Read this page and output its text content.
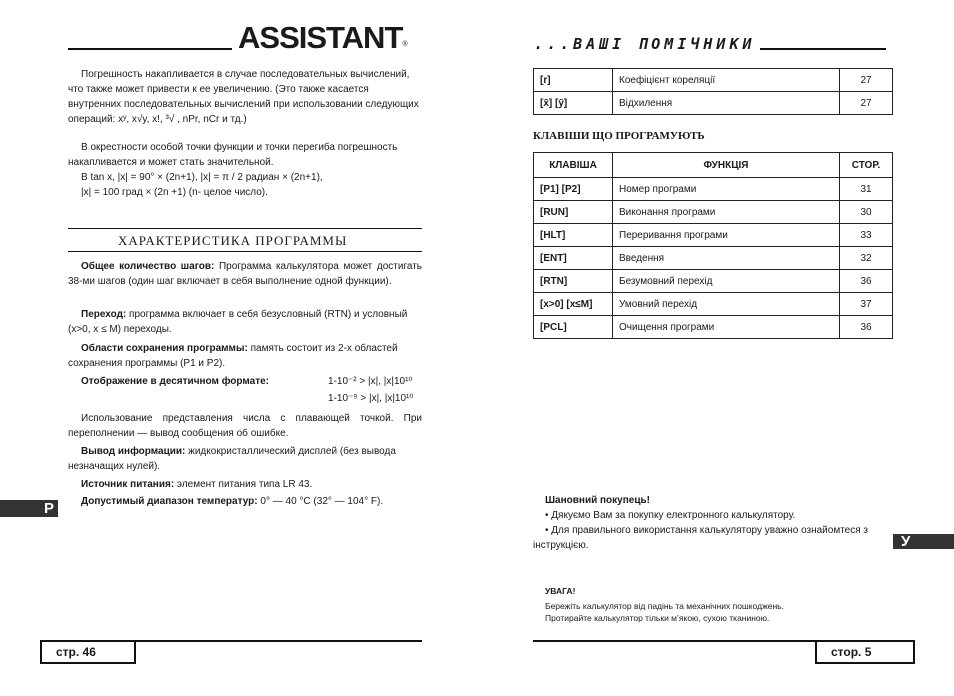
ASSISTANT®	...ВАШІ ПОМІЧНИКИ
Погрешность накапливается в случае последовательных вычислений, что также может привести к ее увеличению. (Это также касается внутренних последовательных вычислений при использовании следующих операций: xʸ, x√y, x!, ³√ , nPr, nCr и тд.)
В окрестности особой точки функции и точки перегиба погрешность накапливается и может стать значительной.
В tan x, |x| = 90° × (2n+1), |x| = π / 2 радиан × (2n+1),
|x| = 100 град × (2n +1) (n- целое число).
ХАРАКТЕРИСТИКА ПРОГРАММЫ
Общее количество шагов: Программа калькулятора может достигать 38-ми шагов (один шаг включает в себя выполнение одной функции).
Переход: программа включает в себя безусловный (RTN) и условный (x>0, x ≤ M) переходы.
Области сохранения программы: память состоит из 2-х областей сохранения программы (P1 и P2).
Отображение в десятичном формате:	1-10⁻² > |x|, |x|10¹⁰
1-10⁻⁹ > |x|, |x|10¹⁰
Использование представления числа с плавающей точкой. При переполнении — вывод сообщения об ошибке.
Вывод информации: жидкокристаллический дисплей (без вывода незначащих нулей).
Источник питания: элемент питания типа LR 43.
Допустимый диапазон температур: 0° — 40 °C (32° — 104° F).
Р
стр. 46
[r]	Коефіцієнт кореляції	27
[x̄] [ȳ]	Відхилення	27
КЛАВІШИ ЩО ПРОГРАМУЮТЬ
КЛАВІША	ФУНКЦІЯ	СТОР.
[P1] [P2]	Номер програми	31
[RUN]	Виконання програми	30
[HLT]	Переривання програми	33
[ENT]	Введення	32
[RTN]	Безумовний перехід	36
[x>0] [x≤M]	Умовний перехід	37
[PCL]	Очищення програми	36
Шановний покупець!
• Дякуємо Вам за покупку електронного калькулятору.
• Для правильного використання калькулятору уважно ознайомтеся з інструкцією.	У
УВАГА!
Бережіть калькулятор від падінь та механічних пошкоджень.
Протирайте калькулятор тільки м’якою, сухою тканиною.
стор. 5
